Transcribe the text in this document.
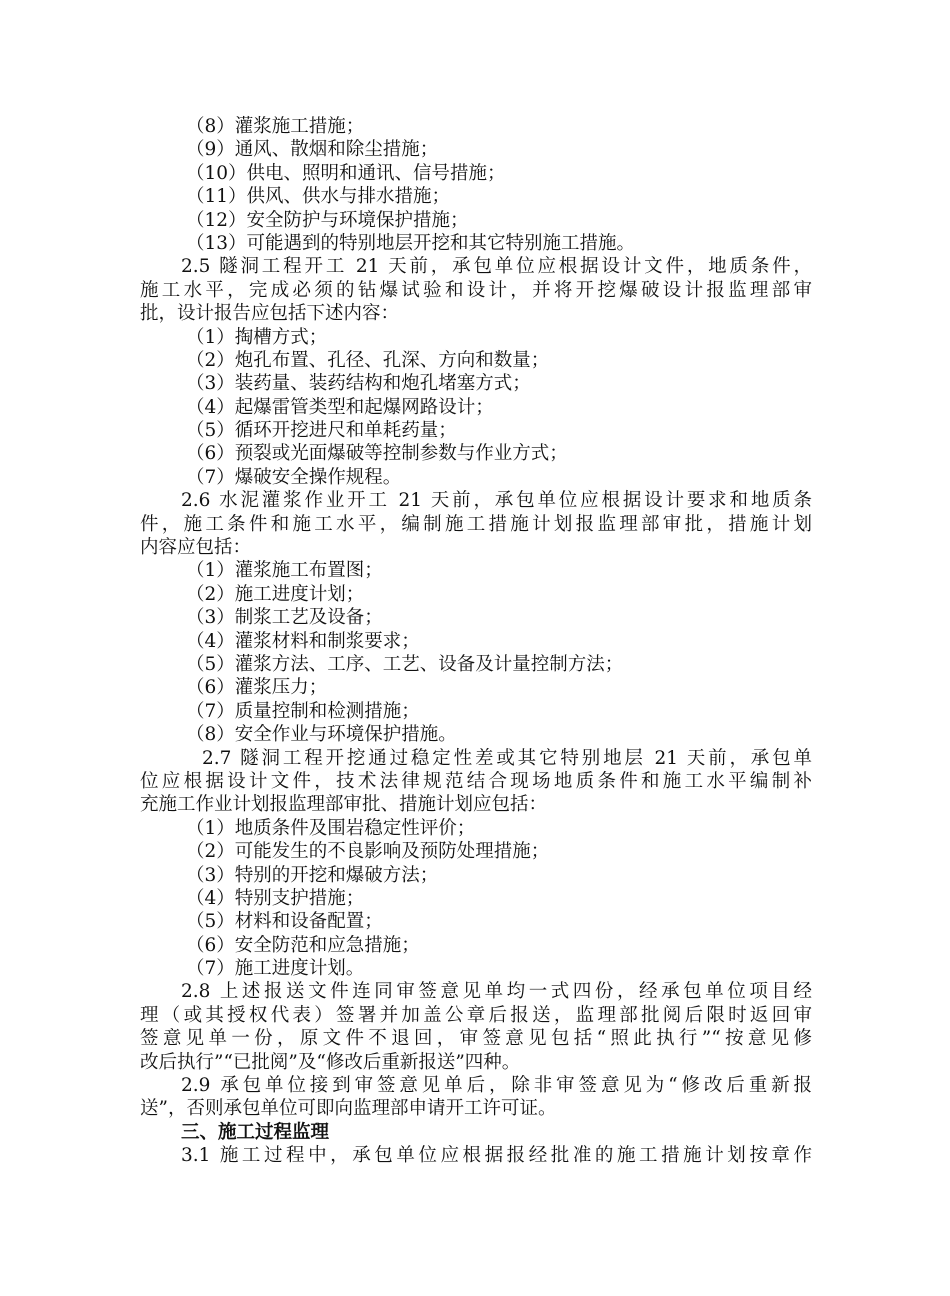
（8）灌浆施工措施；
（9）通风、散烟和除尘措施；
（10）供电、照明和通讯、信号措施；
（11）供风、供水与排水措施；
（12）安全防护与环境保护措施；
（13）可能遇到的特别地层开挖和其它特别施工措施。
2.5 隧洞工程开工 21 天前，承包单位应根据设计文件，地质条件，
施工水平，完成必须的钻爆试验和设计，并将开挖爆破设计报监理部审
批，设计报告应包括下述内容：
（1）掏槽方式；
（2）炮孔布置、孔径、孔深、方向和数量；
（3）装药量、装药结构和炮孔堵塞方式；
（4）起爆雷管类型和起爆网路设计；
（5）循环开挖进尺和单耗药量；
（6）预裂或光面爆破等控制参数与作业方式；
（7）爆破安全操作规程。
2.6 水泥灌浆作业开工 21 天前，承包单位应根据设计要求和地质条
件，施工条件和施工水平，编制施工措施计划报监理部审批，措施计划
内容应包括：
（1）灌浆施工布置图；
（2）施工进度计划；
（3）制浆工艺及设备；
（4）灌浆材料和制浆要求；
（5）灌浆方法、工序、工艺、设备及计量控制方法；
（6）灌浆压力；
（7）质量控制和检测措施；
（8）安全作业与环境保护措施。
2.7 隧洞工程开挖通过稳定性差或其它特别地层 21 天前，承包单
位应根据设计文件，技术法律规范结合现场地质条件和施工水平编制补
充施工作业计划报监理部审批、措施计划应包括：
（1）地质条件及围岩稳定性评价；
（2）可能发生的不良影响及预防处理措施；
（3）特别的开挖和爆破方法；
（4）特别支护措施；
（5）材料和设备配置；
（6）安全防范和应急措施；
（7）施工进度计划。
2.8 上述报送文件连同审签意见单均一式四份，经承包单位项目经
理（或其授权代表）签署并加盖公章后报送，监理部批阅后限时返回审
签意见单一份，原文件不退回，审签意见包括“照此执行”“按意见修
改后执行”“已批阅”及“修改后重新报送”四种。
2.9 承包单位接到审签意见单后，除非审签意见为“修改后重新报
送”，否则承包单位可即向监理部申请开工许可证。
三、施工过程监理
3.1 施工过程中，承包单位应根据报经批准的施工措施计划按章作
